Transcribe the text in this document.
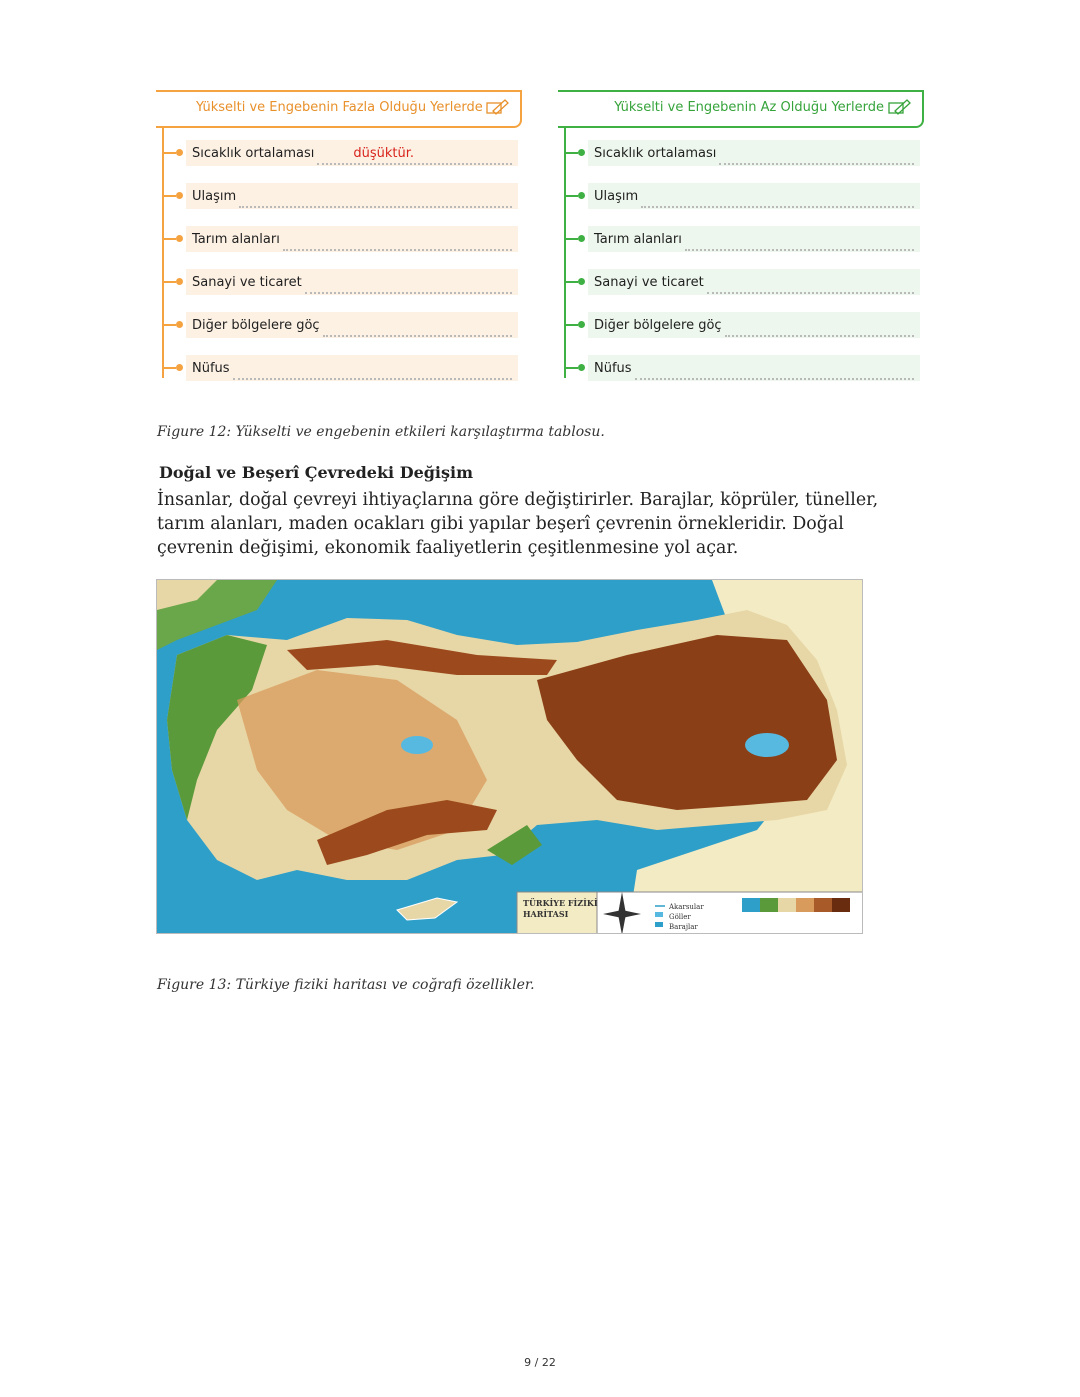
Yükselti ve Engebenin Fazla Olduğu Yerlerde
Sıcaklık ortalaması	düşüktür.
Ulaşım
Tarım alanları
Sanayi ve ticaret
Diğer bölgelere göç
Nüfus
Yükselti ve Engebenin Az Olduğu Yerlerde
Sıcaklık ortalaması
Ulaşım
Tarım alanları
Sanayi ve ticaret
Diğer bölgelere göç
Nüfus
Figure 12: Yükselti ve engebenin etkileri karşılaştırma tablosu.
Doğal ve Beşerî Çevredeki Değişim
İnsanlar, doğal çevreyi ihtiyaçlarına göre değiştirirler. Barajlar, köprüler, tüneller, tarım alanları, maden ocakları gibi yapılar beşerî çevrenin örnekleridir. Doğal çevrenin değişimi, ekonomik faaliyetlerin çeşitlenmesine yol açar.
TÜRKİYE FİZİKİ
HARİTASI
Akarsular
Göller
Barajlar
Figure 13: Türkiye fiziki haritası ve coğrafi özellikler.
9 / 22
